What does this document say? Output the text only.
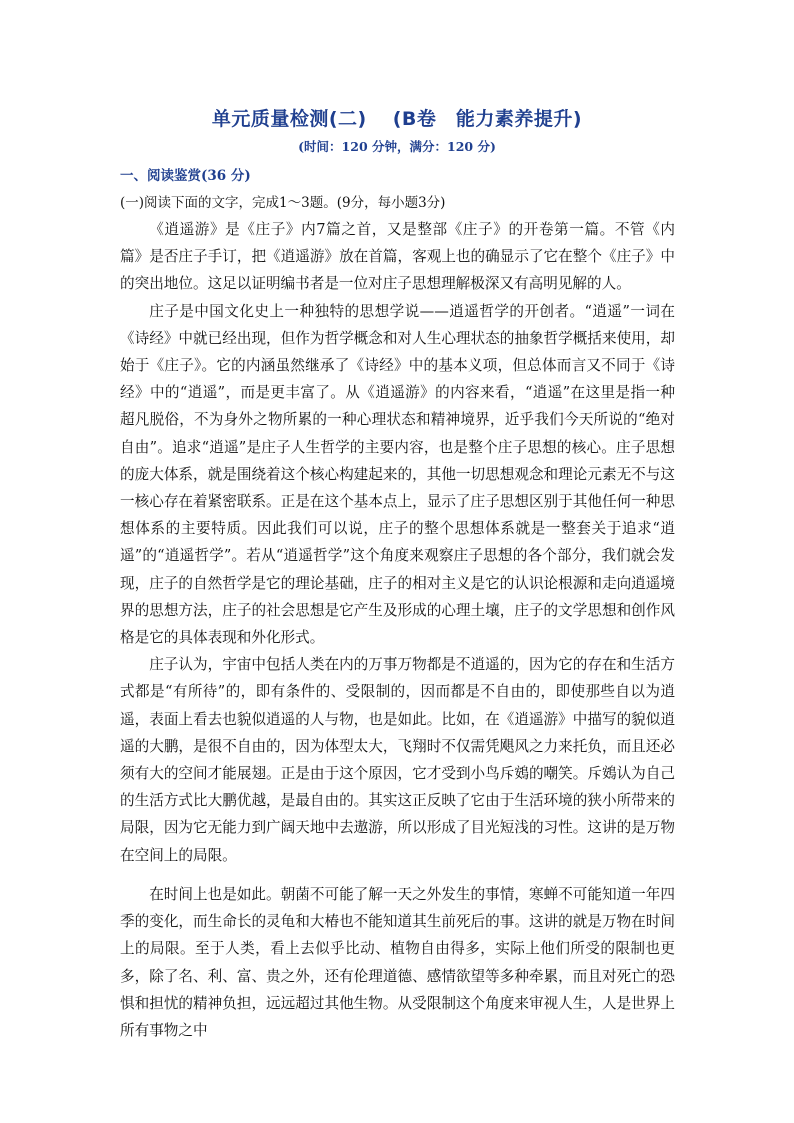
单元质量检测(二) (B卷　能力素养提升)
(时间：120 分钟，满分：120 分)
一、阅读鉴赏(36 分)
(一)阅读下面的文字，完成1～3题。(9分，每小题3分)

《逍遥游》是《庄子》内7篇之首，又是整部《庄子》的开卷第一篇。不管《内篇》是否庄子手订，把《逍遥游》放在首篇，客观上也的确显示了它在整个《庄子》中的突出地位。这足以证明编书者是一位对庄子思想理解极深又有高明见解的人。

庄子是中国文化史上一种独特的思想学说——逍遥哲学的开创者。“逍遥”一词在《诗经》中就已经出现，但作为哲学概念和对人生心理状态的抽象哲学概括来使用，却始于《庄子》。它的内涵虽然继承了《诗经》中的基本义项，但总体而言又不同于《诗经》中的“逍遥”，而是更丰富了。从《逍遥游》的内容来看，“逍遥”在这里是指一种超凡脱俗，不为身外之物所累的一种心理状态和精神境界，近乎我们今天所说的“绝对自由”。追求“逍遥”是庄子人生哲学的主要内容，也是整个庄子思想的核心。庄子思想的庞大体系，就是围绕着这个核心构建起来的，其他一切思想观念和理论元素无不与这一核心存在着紧密联系。正是在这个基本点上，显示了庄子思想区别于其他任何一种思想体系的主要特质。因此我们可以说，庄子的整个思想体系就是一整套关于追求“逍遥”的“逍遥哲学”。若从“逍遥哲学”这个角度来观察庄子思想的各个部分，我们就会发现，庄子的自然哲学是它的理论基础，庄子的相对主义是它的认识论根源和走向逍遥境界的思想方法，庄子的社会思想是它产生及形成的心理土壤，庄子的文学思想和创作风格是它的具体表现和外化形式。

庄子认为，宇宙中包括人类在内的万事万物都是不逍遥的，因为它的存在和生活方式都是“有所待”的，即有条件的、受限制的，因而都是不自由的，即使那些自以为逍遥，表面上看去也貌似逍遥的人与物，也是如此。比如，在《逍遥游》中描写的貌似逍遥的大鹏，是很不自由的，因为体型太大，飞翔时不仅需凭飓风之力来托负，而且还必须有大的空间才能展翅。正是由于这个原因，它才受到小鸟斥鴳的嘲笑。斥鴳认为自己的生活方式比大鹏优越，是最自由的。其实这正反映了它由于生活环境的狭小所带来的局限，因为它无能力到广阔天地中去遨游，所以形成了目光短浅的习性。这讲的是万物在空间上的局限。

在时间上也是如此。朝菌不可能了解一天之外发生的事情，寒蝉不可能知道一年四季的变化，而生命长的灵龟和大椿也不能知道其生前死后的事。这讲的就是万物在时间上的局限。至于人类，看上去似乎比动、植物自由得多，实际上他们所受的限制也更多，除了名、利、富、贵之外，还有伦理道德、感情欲望等多种牵累，而且对死亡的恐惧和担忧的精神负担，远远超过其他生物。从受限制这个角度来审视人生，人是世界上所有事物之中
